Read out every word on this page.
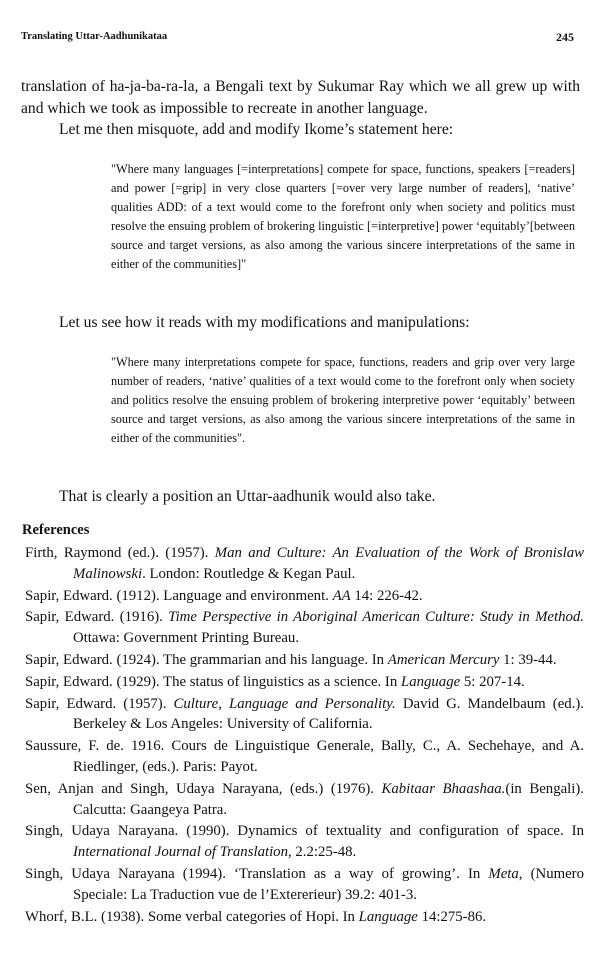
Translating Uttar-Aadhunikataa	245

translation of ha-ja-ba-ra-la, a Bengali text by Sukumar Ray which we all grew up with and which we took as impossible to recreate in another language.

Let me then misquote, add and modify Ikome’s statement here:

"Where many languages [=interpretations] compete for space, functions, speakers [=readers] and power [=grip] in very close quarters [=over very large number of readers], ‘native’ qualities ADD: of a text would come to the forefront only when society and politics must resolve the ensuing problem of brokering linguistic [=interpretive] power ‘equitably’[between source and target versions, as also among the various sincere interpretations of the same in either of the communities]"

Let us see how it reads with my modifications and manipulations:

"Where many interpretations compete for space, functions, readers and grip over very large number of readers, ‘native’ qualities of a text would come to the forefront only when society and politics resolve the ensuing problem of brokering interpretive power ‘equitably’ between source and target versions, as also among the various sincere interpretations of the same in either of the communities".

That is clearly a position an Uttar-aadhunik would also take.

References
Firth, Raymond (ed.). (1957). Man and Culture: An Evaluation of the Work of Bronislaw Malinowski. London: Routledge & Kegan Paul.
Sapir, Edward. (1912). Language and environment. AA 14: 226-42.
Sapir, Edward. (1916). Time Perspective in Aboriginal American Culture: Study in Method. Ottawa: Government Printing Bureau.
Sapir, Edward. (1924). The grammarian and his language. In American Mercury 1: 39-44.
Sapir, Edward. (1929). The status of linguistics as a science. In Language 5: 207-14.
Sapir, Edward. (1957). Culture, Language and Personality. David G. Mandelbaum (ed.). Berkeley & Los Angeles: University of California.
Saussure, F. de. 1916. Cours de Linguistique Generale, Bally, C., A. Sechehaye, and A. Riedlinger, (eds.). Paris: Payot.
Sen, Anjan and Singh, Udaya Narayana, (eds.) (1976). Kabitaar Bhaashaa.(in Bengali). Calcutta: Gaangeya Patra.
Singh, Udaya Narayana. (1990). Dynamics of textuality and configuration of space. In International Journal of Translation, 2.2:25-48.
Singh, Udaya Narayana (1994). ‘Translation as a way of growing’. In Meta, (Numero Speciale: La Traduction vue de l’Extererieur) 39.2: 401-3.
Whorf, B.L. (1938). Some verbal categories of Hopi. In Language 14:275-86.
